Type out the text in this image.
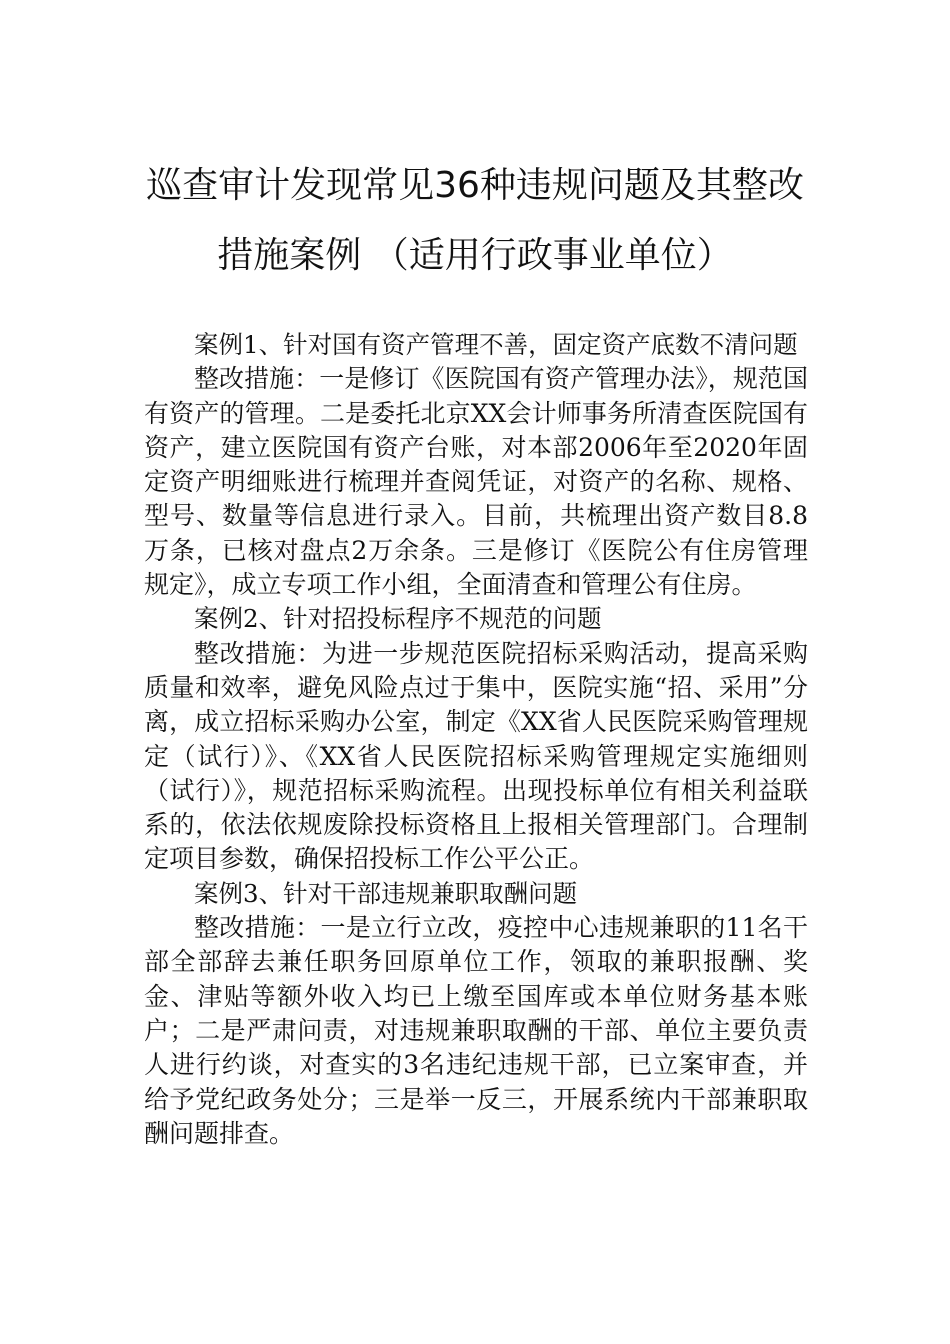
巡查审计发现常见36种违规问题及其整改
措施案例 （适用行政事业单位）

案例1、针对国有资产管理不善，固定资产底数不清问题

整改措施：一是修订《医院国有资产管理办法》，规范国有资产的管理。二是委托北京XX会计师事务所清查医院国有资产，建立医院国有资产台账，对本部2006年至2020年固定资产明细账进行梳理并查阅凭证，对资产的名称、规格、型号、数量等信息进行录入。目前，共梳理出资产数目8.8万条，已核对盘点2万余条。三是修订《医院公有住房管理规定》，成立专项工作小组，全面清查和管理公有住房。

案例2、针对招投标程序不规范的问题

整改措施：为进一步规范医院招标采购活动，提高采购质量和效率，避免风险点过于集中，医院实施“招、采用”分离，成立招标采购办公室，制定《XX省人民医院采购管理规定（试行）》、《XX省人民医院招标采购管理规定实施细则（试行）》，规范招标采购流程。出现投标单位有相关利益联系的，依法依规废除投标资格且上报相关管理部门。合理制定项目参数，确保招投标工作公平公正。

案例3、针对干部违规兼职取酬问题

整改措施：一是立行立改，疫控中心违规兼职的11名干部全部辞去兼任职务回原单位工作，领取的兼职报酬、奖金、津贴等额外收入均已上缴至国库或本单位财务基本账户；二是严肃问责，对违规兼职取酬的干部、单位主要负责人进行约谈，对查实的3名违纪违规干部，已立案审查，并给予党纪政务处分；三是举一反三，开展系统内干部兼职取酬问题排查。
